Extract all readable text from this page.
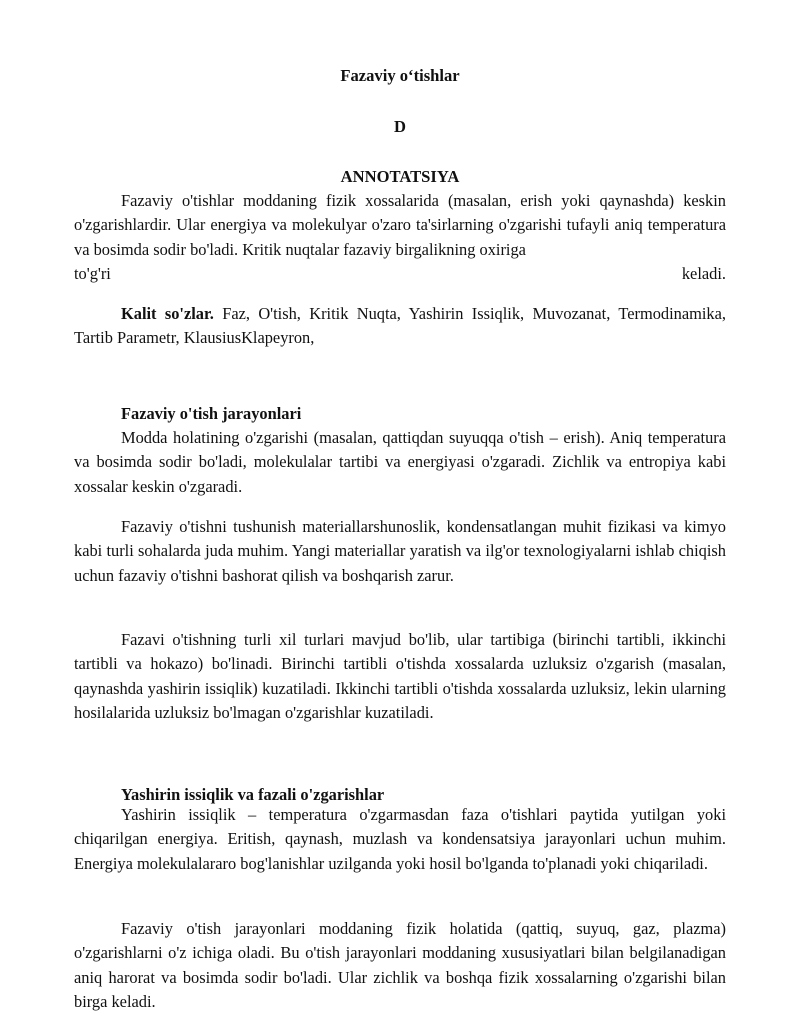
Fazaviy o‘tishlar
D
ANNOTATSIYA

Fazaviy o'tishlar moddaning fizik xossalarida (masalan, erish yoki qaynashda) keskin o'zgarishlardir. Ular energiya va molekulyar o'zaro ta'sirlarning o'zgarishi tufayli aniq temperatura va bosimda sodir bo'ladi. Kritik nuqtalar fazaviy birgalikning oxiriga
to'g'ri	keladi.

Kalit so'zlar. Faz, O'tish, Kritik Nuqta, Yashirin Issiqlik, Muvozanat, Termodinamika, Tartib Parametr, KlausiusKlapeyron,

Fazaviy o'tish jarayonlari

Modda holatining o'zgarishi (masalan, qattiqdan suyuqqa o'tish – erish). Aniq temperatura va bosimda sodir bo'ladi, molekulalar tartibi va energiyasi o'zgaradi. Zichlik va entropiya kabi xossalar keskin o'zgaradi.

Fazaviy o'tishni tushunish materiallarshunoslik, kondensatlangan muhit fizikasi va kimyo kabi turli sohalarda juda muhim. Yangi materiallar yaratish va ilg'or texnologiyalarni ishlab chiqish uchun fazaviy o'tishni bashorat qilish va boshqarish zarur.

Fazavi o'tishning turli xil turlari mavjud bo'lib, ular tartibiga (birinchi tartibli, ikkinchi tartibli va hokazo) bo'linadi. Birinchi tartibli o'tishda xossalarda uzluksiz o'zgarish (masalan, qaynashda yashirin issiqlik) kuzatiladi. Ikkinchi tartibli o'tishda xossalarda uzluksiz, lekin ularning hosilalarida uzluksiz bo'lmagan o'zgarishlar kuzatiladi.

Yashirin issiqlik va fazali o'zgarishlar

Yashirin issiqlik – temperatura o'zgarmasdan faza o'tishlari paytida yutilgan yoki chiqarilgan energiya. Eritish, qaynash, muzlash va kondensatsiya jarayonlari uchun muhim. Energiya molekulalararo bog'lanishlar uzilganda yoki hosil bo'lganda to'planadi yoki chiqariladi.

Fazaviy o'tish jarayonlari moddaning fizik holatida (qattiq, suyuq, gaz, plazma) o'zgarishlarni o'z ichiga oladi. Bu o'tish jarayonlari moddaning xususiyatlari bilan belgilanadigan aniq harorat va bosimda sodir bo'ladi. Ular zichlik va boshqa fizik xossalarning o'zgarishi bilan birga keladi.
